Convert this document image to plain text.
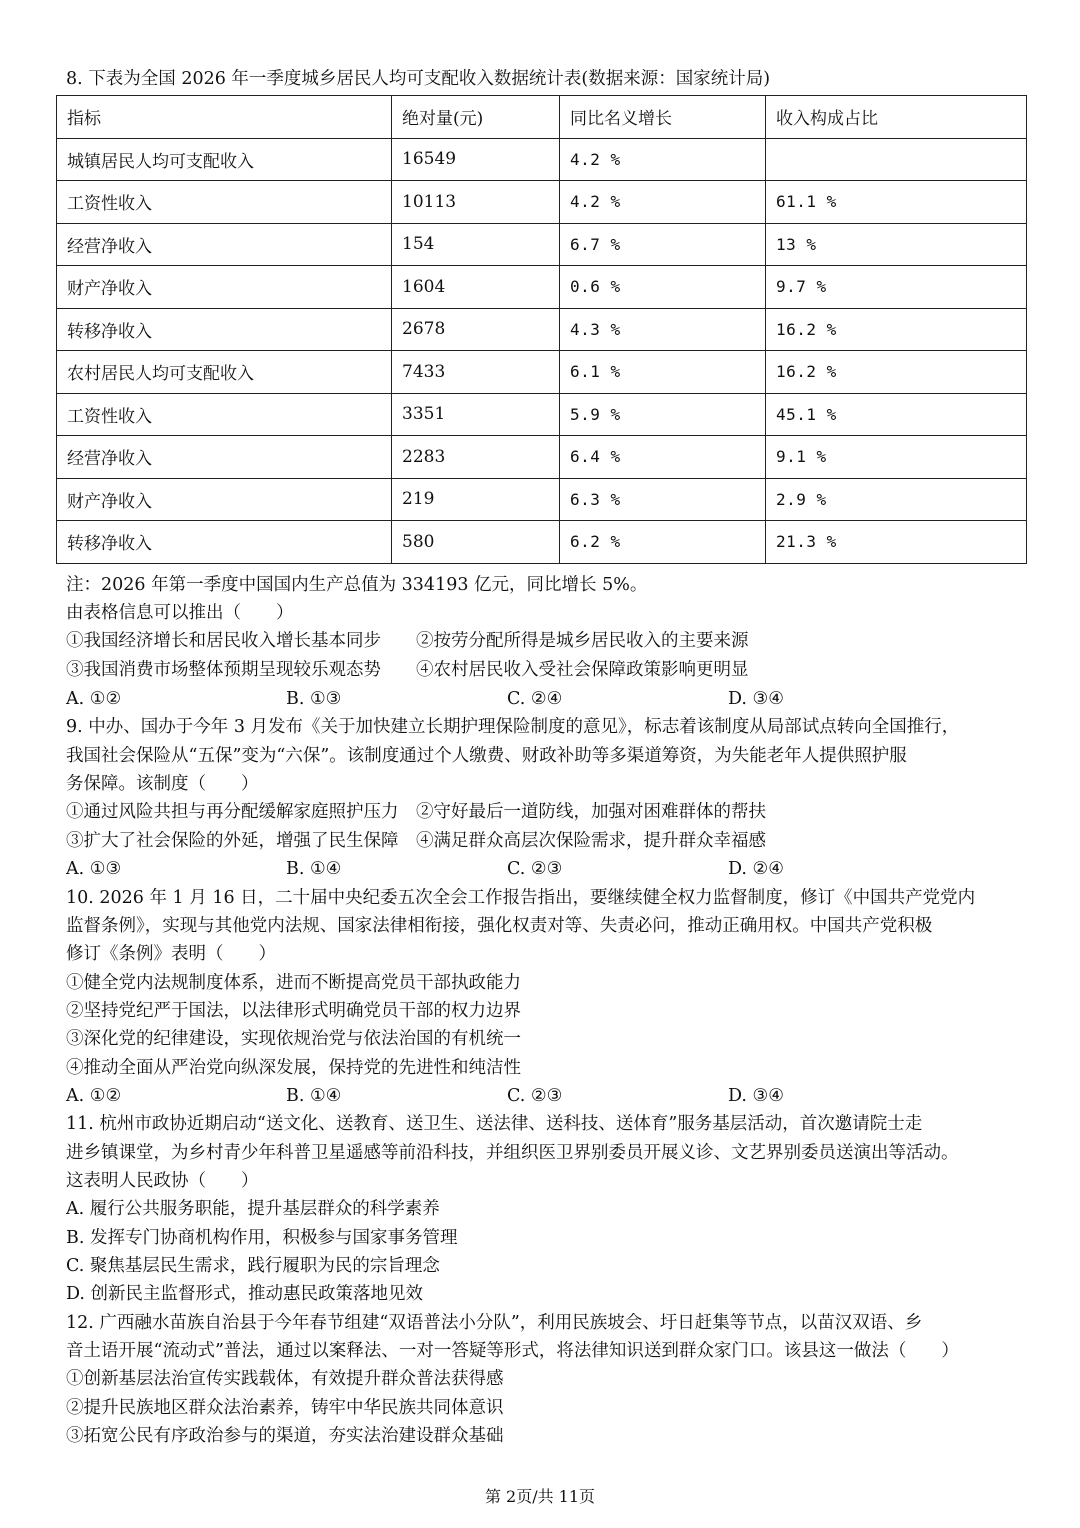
8. 下表为全国 2026 年一季度城乡居民人均可支配收入数据统计表(数据来源：国家统计局)
指标	绝对量(元)	同比名义增长	收入构成占比
城镇居民人均可支配收入	16549	4.2 %	
工资性收入	10113	4.2 %	61.1 %
经营净收入	154	6.7 %	13 %
财产净收入	1604	0.6 %	9.7 %
转移净收入	2678	4.3 %	16.2 %
农村居民人均可支配收入	7433	6.1 %	16.2 %
工资性收入	3351	5.9 %	45.1 %
经营净收入	2283	6.4 %	9.1 %
财产净收入	219	6.3 %	2.9 %
转移净收入	580	6.2 %	21.3 %
注：2026 年第一季度中国国内生产总值为 334193 亿元，同比增长 5%。
由表格信息可以推出（　　）
①我国经济增长和居民收入增长基本同步　　②按劳分配所得是城乡居民收入的主要来源
③我国消费市场整体预期呈现较乐观态势　　④农村居民收入受社会保障政策影响更明显
A. ①②	B. ①③	C. ②④	D. ③④
9. 中办、国办于今年 3 月发布《关于加快建立长期护理保险制度的意见》，标志着该制度从局部试点转向全国推行，
我国社会保险从“五保”变为“六保”。该制度通过个人缴费、财政补助等多渠道筹资，为失能老年人提供照护服
务保障。该制度（　　）
①通过风险共担与再分配缓解家庭照护压力　②守好最后一道防线，加强对困难群体的帮扶
③扩大了社会保险的外延，增强了民生保障　④满足群众高层次保险需求，提升群众幸福感
A. ①③	B. ①④	C. ②③	D. ②④
10. 2026 年 1 月 16 日，二十届中央纪委五次全会工作报告指出，要继续健全权力监督制度，修订《中国共产党党内
监督条例》，实现与其他党内法规、国家法律相衔接，强化权责对等、失责必问，推动正确用权。中国共产党积极
修订《条例》表明（　　）
①健全党内法规制度体系，进而不断提高党员干部执政能力
②坚持党纪严于国法，以法律形式明确党员干部的权力边界
③深化党的纪律建设，实现依规治党与依法治国的有机统一
④推动全面从严治党向纵深发展，保持党的先进性和纯洁性
A. ①②	B. ①④	C. ②③	D. ③④
11. 杭州市政协近期启动“送文化、送教育、送卫生、送法律、送科技、送体育”服务基层活动，首次邀请院士走
进乡镇课堂，为乡村青少年科普卫星遥感等前沿科技，并组织医卫界别委员开展义诊、文艺界别委员送演出等活动。
这表明人民政协（　　）
A. 履行公共服务职能，提升基层群众的科学素养
B. 发挥专门协商机构作用，积极参与国家事务管理
C. 聚焦基层民生需求，践行履职为民的宗旨理念
D. 创新民主监督形式，推动惠民政策落地见效
12. 广西融水苗族自治县于今年春节组建“双语普法小分队”，利用民族坡会、圩日赶集等节点，以苗汉双语、乡
音土语开展“流动式”普法，通过以案释法、一对一答疑等形式，将法律知识送到群众家门口。该县这一做法（　　）
①创新基层法治宣传实践载体，有效提升群众普法获得感
②提升民族地区群众法治素养，铸牢中华民族共同体意识
③拓宽公民有序政治参与的渠道，夯实法治建设群众基础
第 2页/共 11页
